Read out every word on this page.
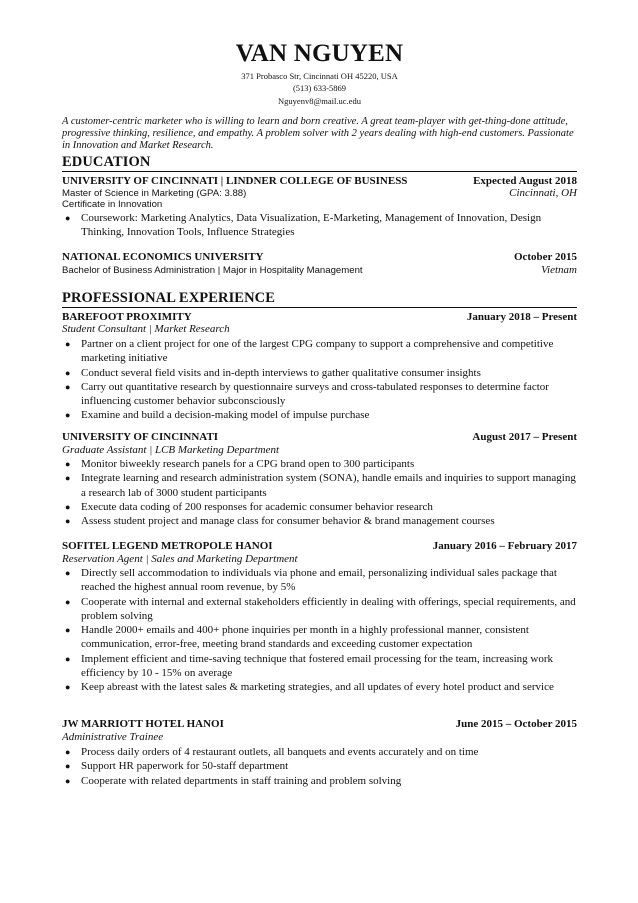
VAN NGUYEN
371 Probasco Str, Cincinnati OH 45220, USA
(513) 633-5869
Nguyenv8@mail.uc.edu
A customer-centric marketer who is willing to learn and born creative. A great team-player with get-thing-done attitude, progressive thinking, resilience, and empathy. A problem solver with 2 years dealing with high-end customers. Passionate in Innovation and Market Research.
EDUCATION
UNIVERSITY OF CINCINNATI | LINDNER COLLEGE OF BUSINESS	Expected August 2018
Master of Science in Marketing (GPA: 3.88)	Cincinnati, OH
Certificate in Innovation
● Coursework: Marketing Analytics, Data Visualization, E-Marketing, Management of Innovation, Design Thinking, Innovation Tools, Influence Strategies
NATIONAL ECONOMICS UNIVERSITY	October 2015
Bachelor of Business Administration | Major in Hospitality Management	Vietnam
PROFESSIONAL EXPERIENCE
BAREFOOT PROXIMITY	January 2018 – Present
Student Consultant | Market Research
● Partner on a client project for one of the largest CPG company to support a comprehensive and competitive marketing initiative
● Conduct several field visits and in-depth interviews to gather qualitative consumer insights
● Carry out quantitative research by questionnaire surveys and cross-tabulated responses to determine factor influencing customer behavior subconsciously
● Examine and build a decision-making model of impulse purchase
UNIVERSITY OF CINCINNATI	August 2017 – Present
Graduate Assistant | LCB Marketing Department
● Monitor biweekly research panels for a CPG brand open to 300 participants
● Integrate learning and research administration system (SONA), handle emails and inquiries to support managing a research lab of 3000 student participants
● Execute data coding of 200 responses for academic consumer behavior research
● Assess student project and manage class for consumer behavior & brand management courses
SOFITEL LEGEND METROPOLE HANOI	January 2016 – February 2017
Reservation Agent | Sales and Marketing Department
● Directly sell accommodation to individuals via phone and email, personalizing individual sales package that reached the highest annual room revenue, by 5%
● Cooperate with internal and external stakeholders efficiently in dealing with offerings, special requirements, and problem solving
● Handle 2000+ emails and 400+ phone inquiries per month in a highly professional manner, consistent communication, error-free, meeting brand standards and exceeding customer expectation
● Implement efficient and time-saving technique that fostered email processing for the team, increasing work efficiency by 10 - 15% on average
● Keep abreast with the latest sales & marketing strategies, and all updates of every hotel product and service
JW MARRIOTT HOTEL HANOI	June 2015 – October 2015
Administrative Trainee
● Process daily orders of 4 restaurant outlets, all banquets and events accurately and on time
● Support HR paperwork for 50-staff department
● Cooperate with related departments in staff training and problem solving
